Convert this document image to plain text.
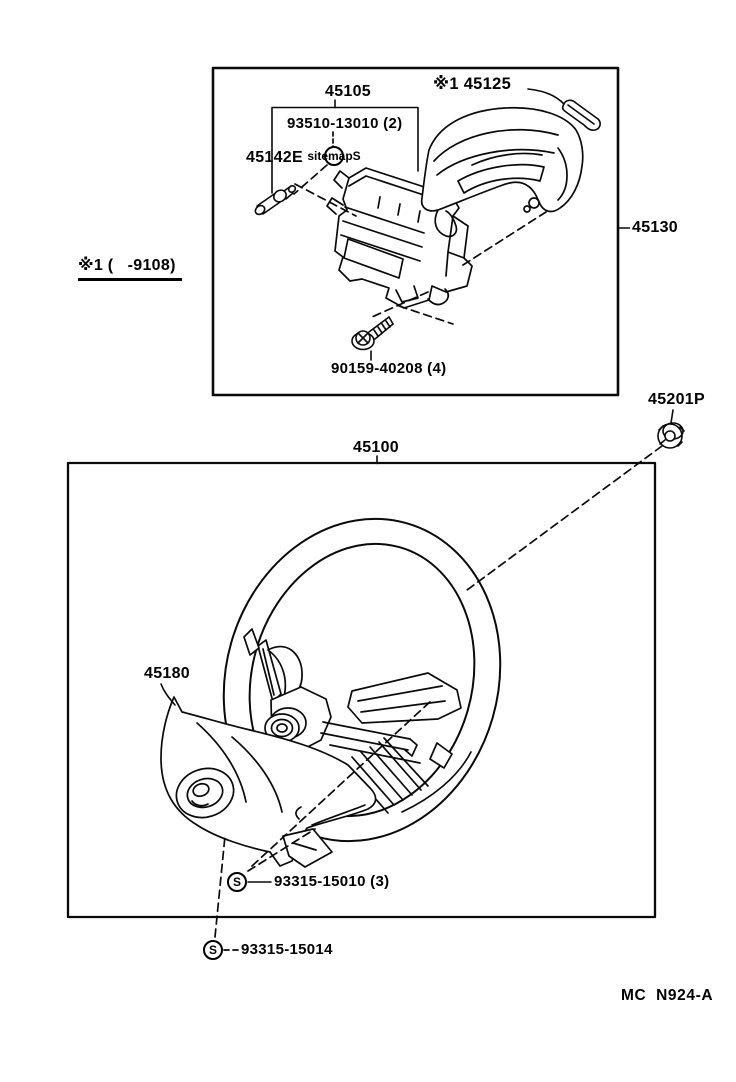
45105
93510-13010 (2)
45142E sitemap S
※1 45125
45130
※1 (   -9108)
90159-40208 (4)
45100
45201P
45180
S 93315-15010 (3)
S 93315-15014
MC  N924-A
